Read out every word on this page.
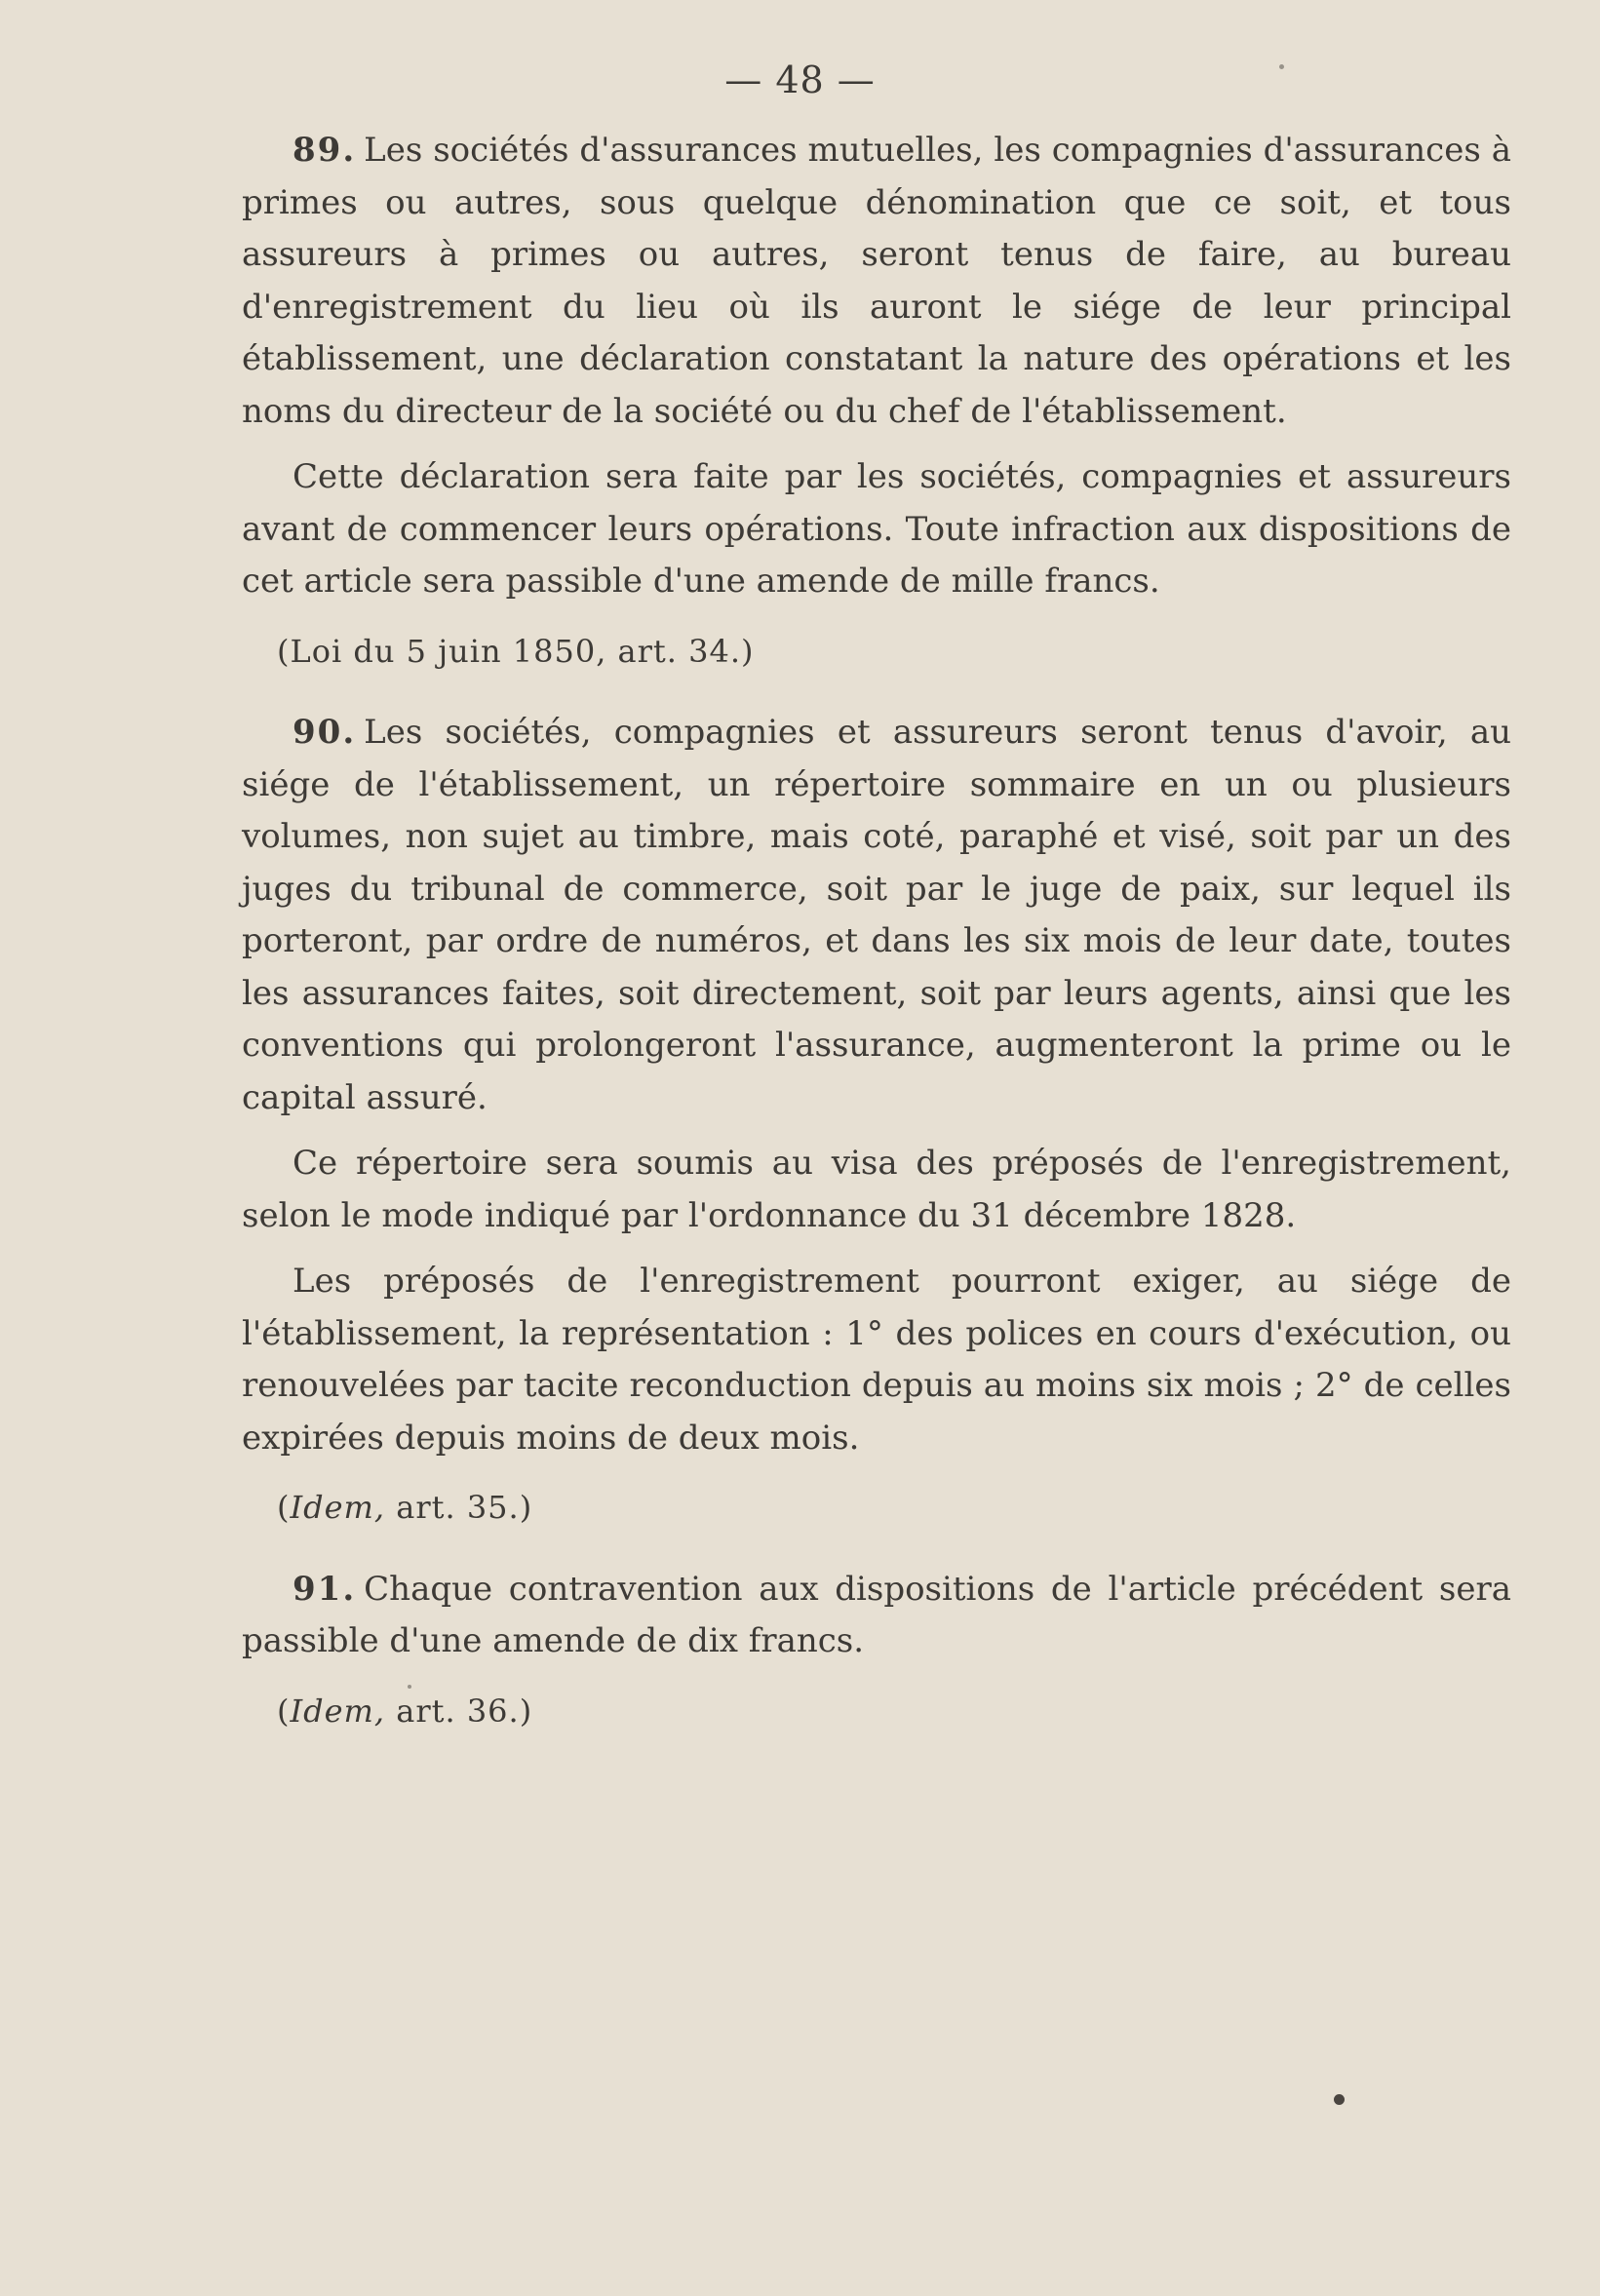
— 48 —

89. Les sociétés d'assurances mutuelles, les compagnies d'assurances à primes ou autres, sous quelque dénomination que ce soit, et tous assureurs à primes ou autres, seront tenus de faire, au bureau d'enregistrement du lieu où ils auront le siége de leur principal établissement, une déclaration constatant la nature des opérations et les noms du directeur de la société ou du chef de l'établissement.

Cette déclaration sera faite par les sociétés, compagnies et assureurs avant de commencer leurs opérations. Toute infraction aux dispositions de cet article sera passible d'une amende de mille francs.

(Loi du 5 juin 1850, art. 34.)

90. Les sociétés, compagnies et assureurs seront tenus d'avoir, au siége de l'établissement, un répertoire sommaire en un ou plusieurs volumes, non sujet au timbre, mais coté, paraphé et visé, soit par un des juges du tribunal de commerce, soit par le juge de paix, sur lequel ils porteront, par ordre de numéros, et dans les six mois de leur date, toutes les assurances faites, soit directement, soit par leurs agents, ainsi que les conventions qui prolongeront l'assurance, augmenteront la prime ou le capital assuré.

Ce répertoire sera soumis au visa des préposés de l'enregistrement, selon le mode indiqué par l'ordonnance du 31 décembre 1828.

Les préposés de l'enregistrement pourront exiger, au siége de l'établissement, la représentation : 1° des polices en cours d'exécution, ou renouvelées par tacite reconduction depuis au moins six mois ; 2° de celles expirées depuis moins de deux mois.

(Idem, art. 35.)

91. Chaque contravention aux dispositions de l'article précédent sera passible d'une amende de dix francs.

(Idem, art. 36.)
